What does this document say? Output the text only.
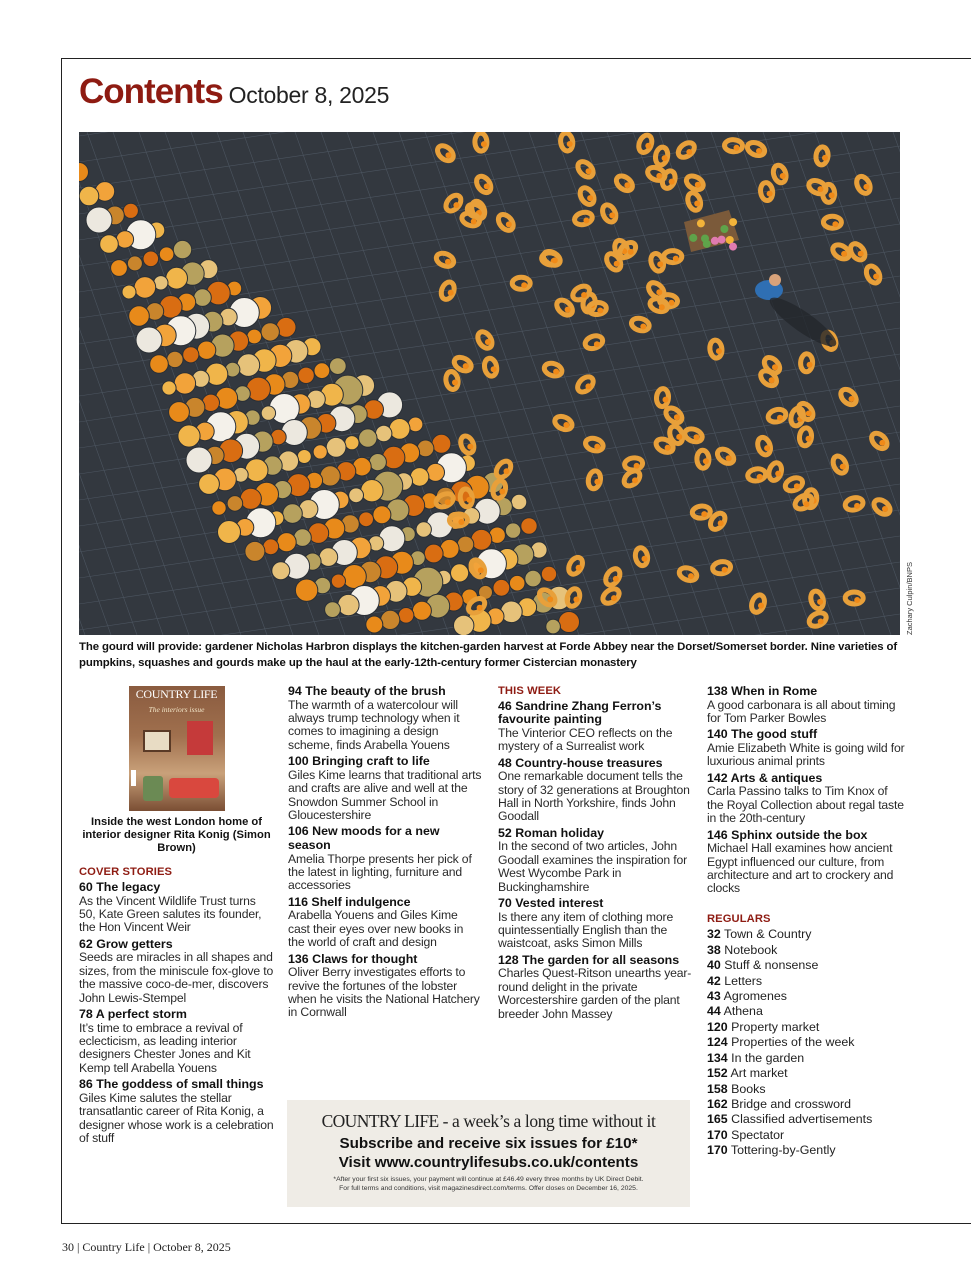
Contents October 8, 2025
Zachary Culpin/BNPS
The gourd will provide: gardener Nicholas Harbron displays the kitchen-garden harvest at Forde Abbey near the Dorset/Somerset border. Nine varieties of pumpkins, squashes and gourds make up the haul at the early-12th-century former Cistercian monastery
COUNTRY LIFE
The interiors issue
Inside the west London home of interior designer Rita Konig (Simon Brown)
COVER STORIES
60 The legacy
As the Vincent Wildlife Trust turns 50, Kate Green salutes its founder, the Hon Vincent Weir
62 Grow getters
Seeds are miracles in all shapes and sizes, from the miniscule fox-glove to the massive coco-de-mer, discovers John Lewis-Stempel
78 A perfect storm
It’s time to embrace a revival of eclecticism, as leading interior designers Chester Jones and Kit Kemp tell Arabella Youens
86 The goddess of small things
Giles Kime salutes the stellar transatlantic career of Rita Konig, a designer whose work is a celebration of stuff
94 The beauty of the brush
The warmth of a watercolour will always trump technology when it comes to imagining a design scheme, finds Arabella Youens
100 Bringing craft to life
Giles Kime learns that traditional arts and crafts are alive and well at the Snowdon Summer School in Gloucestershire
106 New moods for a new season
Amelia Thorpe presents her pick of the latest in lighting, furniture and accessories
116 Shelf indulgence
Arabella Youens and Giles Kime cast their eyes over new books in the world of craft and design
136 Claws for thought
Oliver Berry investigates efforts to revive the fortunes of the lobster when he visits the National Hatchery in Cornwall
THIS WEEK
46 Sandrine Zhang Ferron’s favourite painting
The Vinterior CEO reflects on the mystery of a Surrealist work
48 Country-house treasures
One remarkable document tells the story of 32 generations at Broughton Hall in North Yorkshire, finds John Goodall
52 Roman holiday
In the second of two articles, John Goodall examines the inspiration for West Wycombe Park in Buckinghamshire
70 Vested interest
Is there any item of clothing more quintessentially English than the waistcoat, asks Simon Mills
128 The garden for all seasons
Charles Quest-Ritson unearths year-round delight in the private Worcestershire garden of the plant breeder John Massey
138 When in Rome
A good carbonara is all about timing for Tom Parker Bowles
140 The good stuff
Amie Elizabeth White is going wild for luxurious animal prints
142 Arts & antiques
Carla Passino talks to Tim Knox of the Royal Collection about regal taste in the 20th-century
146 Sphinx outside the box
Michael Hall examines how ancient Egypt influenced our culture, from architecture and art to crockery and clocks
REGULARS
32 Town & Country
38 Notebook
40 Stuff & nonsense
42 Letters
43 Agromenes
44 Athena
120 Property market
124 Properties of the week
134 In the garden
152 Art market
158 Books
162 Bridge and crossword
165 Classified advertisements
170 Spectator
170 Tottering-by-Gently
COUNTRY LIFE - a week’s a long time without it
Subscribe and receive six issues for £10*
Visit www.countrylifesubs.co.uk/contents
*After your first six issues, your payment will continue at £46.49 every three months by UK Direct Debit.
For full terms and conditions, visit magazinesdirect.com/terms. Offer closes on December 16, 2025.
30 | Country Life | October 8, 2025
